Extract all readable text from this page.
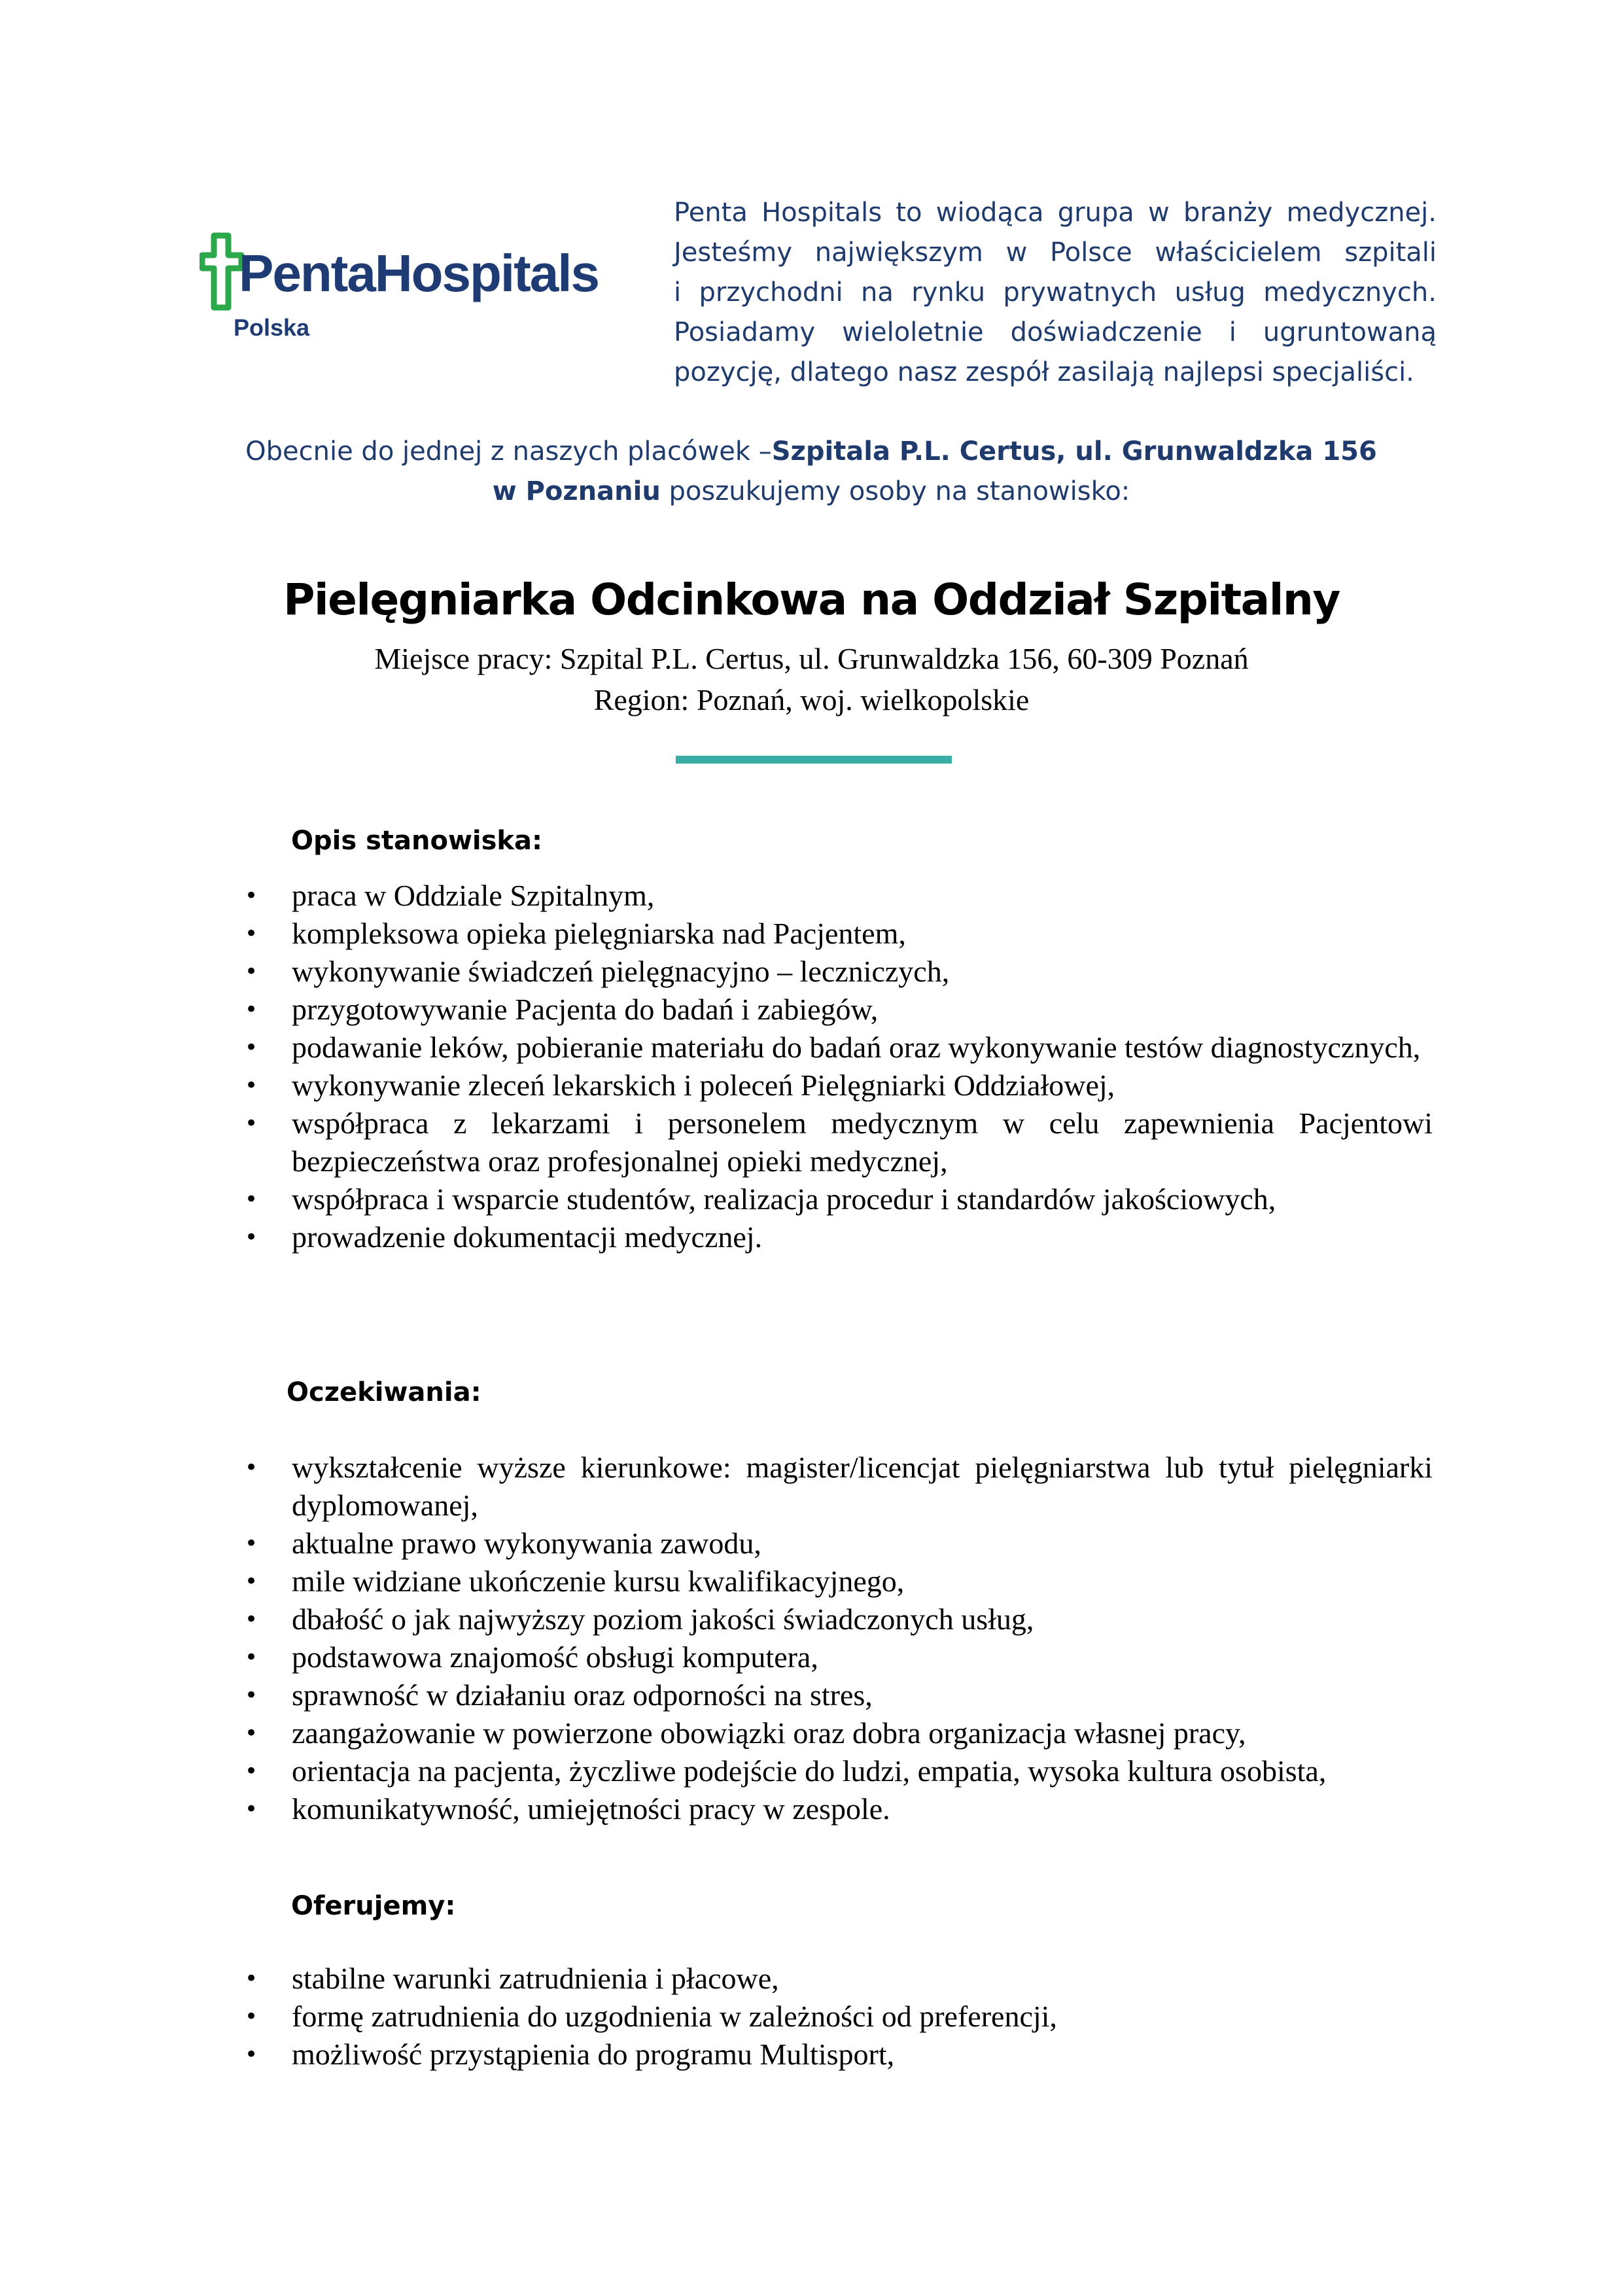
PentaHospitals
Polska
Penta Hospitals to wiodąca grupa w branży medycznej.
Jesteśmy największym w Polsce właścicielem szpitali
i przychodni na rynku prywatnych usług medycznych.
Posiadamy wieloletnie doświadczenie i ugruntowaną
pozycję, dlatego nasz zespół zasilają najlepsi specjaliści.
Obecnie do jednej z naszych placówek –Szpitala P.L. Certus, ul. Grunwaldzka 156
w Poznaniu poszukujemy osoby na stanowisko:
Pielęgniarka Odcinkowa na Oddział Szpitalny
Miejsce pracy: Szpital P.L. Certus, ul. Grunwaldzka 156, 60-309 Poznań
Region: Poznań, woj. wielkopolskie
Opis stanowiska:
• praca w Oddziale Szpitalnym,
• kompleksowa opieka pielęgniarska nad Pacjentem,
• wykonywanie świadczeń pielęgnacyjno – leczniczych,
• przygotowywanie Pacjenta do badań i zabiegów,
• podawanie leków, pobieranie materiału do badań oraz wykonywanie testów diagnostycznych,
• wykonywanie zleceń lekarskich i poleceń Pielęgniarki Oddziałowej,
• współpraca z lekarzami i personelem medycznym w celu zapewnienia Pacjentowi bezpieczeństwa oraz profesjonalnej opieki medycznej,
• współpraca i wsparcie studentów, realizacja procedur i standardów jakościowych,
• prowadzenie dokumentacji medycznej.
Oczekiwania:
• wykształcenie wyższe kierunkowe: magister/licencjat pielęgniarstwa lub tytuł pielęgniarki dyplomowanej,
• aktualne prawo wykonywania zawodu,
• mile widziane ukończenie kursu kwalifikacyjnego,
• dbałość o jak najwyższy poziom jakości świadczonych usług,
• podstawowa znajomość obsługi komputera,
• sprawność w działaniu oraz odporności na stres,
• zaangażowanie w powierzone obowiązki oraz dobra organizacja własnej pracy,
• orientacja na pacjenta, życzliwe podejście do ludzi, empatia, wysoka kultura osobista,
• komunikatywność, umiejętności pracy w zespole.
Oferujemy:
• stabilne warunki zatrudnienia i płacowe,
• formę zatrudnienia do uzgodnienia w zależności od preferencji,
• możliwość przystąpienia do programu Multisport,
